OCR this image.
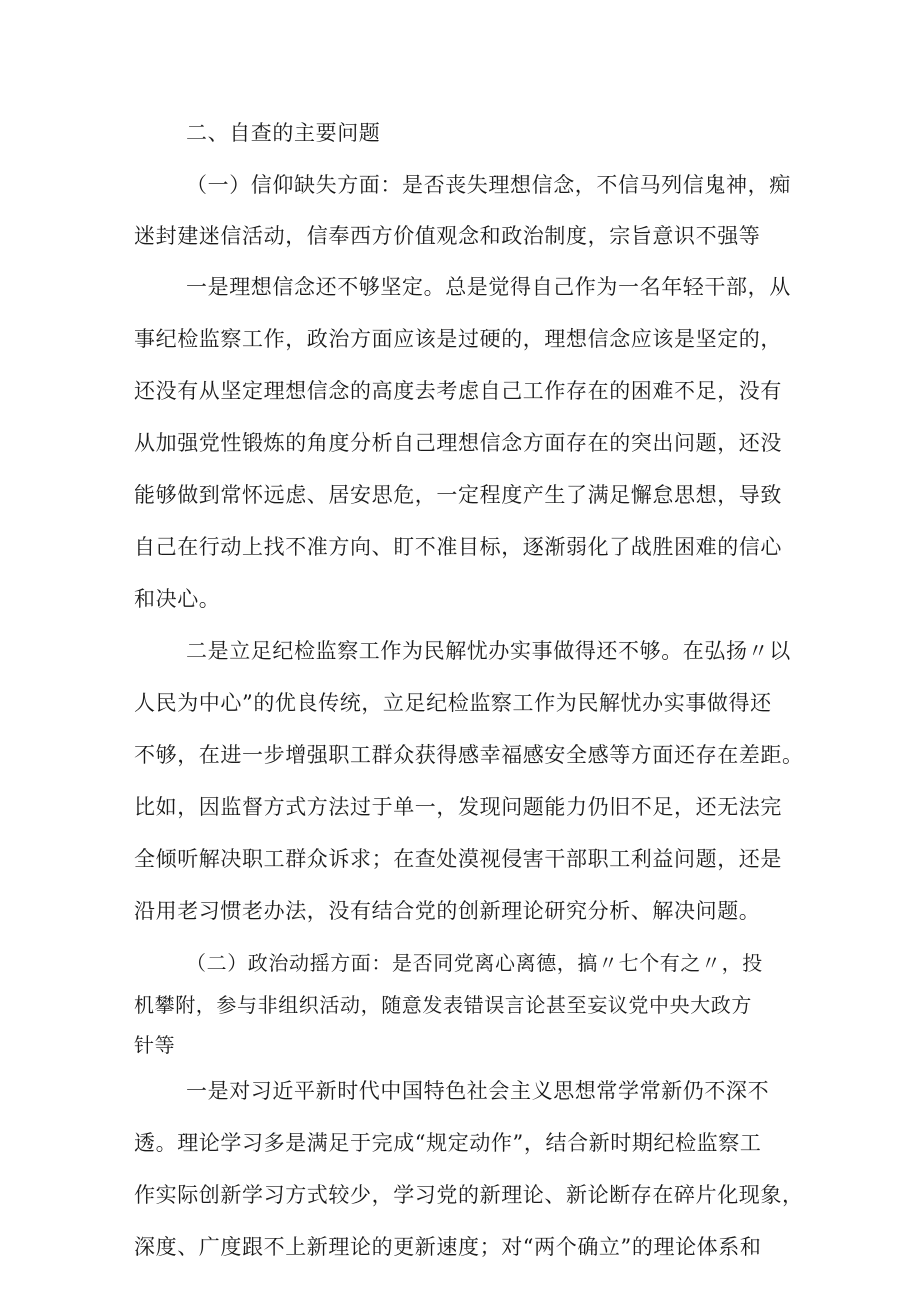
二、自查的主要问题
（一）信仰缺失方面：是否丧失理想信念，不信马列信鬼神，痴
迷封建迷信活动，信奉西方价值观念和政治制度，宗旨意识不强等
一是理想信念还不够坚定。总是觉得自己作为一名年轻干部，从
事纪检监察工作，政治方面应该是过硬的，理想信念应该是坚定的，
还没有从坚定理想信念的高度去考虑自己工作存在的困难不足，没有
从加强党性锻炼的角度分析自己理想信念方面存在的突出问题，还没
能够做到常怀远虑、居安思危，一定程度产生了满足懈怠思想，导致
自己在行动上找不准方向、盯不准目标，逐渐弱化了战胜困难的信心
和决心。
二是立足纪检监察工作为民解忧办实事做得还不够。在弘扬〃以
人民为中心”的优良传统，立足纪检监察工作为民解忧办实事做得还
不够，在进一步增强职工群众获得感幸福感安全感等方面还存在差距。
比如，因监督方式方法过于单一，发现问题能力仍旧不足，还无法完
全倾听解决职工群众诉求；在查处漠视侵害干部职工利益问题，还是
沿用老习惯老办法，没有结合党的创新理论研究分析、解决问题。
（二）政治动摇方面：是否同党离心离德，搞〃七个有之〃，投
机攀附，参与非组织活动，随意发表错误言论甚至妄议党中央大政方
针等
一是对习近平新时代中国特色社会主义思想常学常新仍不深不
透。理论学习多是满足于完成“规定动作”，结合新时期纪检监察工
作实际创新学习方式较少，学习党的新理论、新论断存在碎片化现象，
深度、广度跟不上新理论的更新速度；对“两个确立”的理论体系和
